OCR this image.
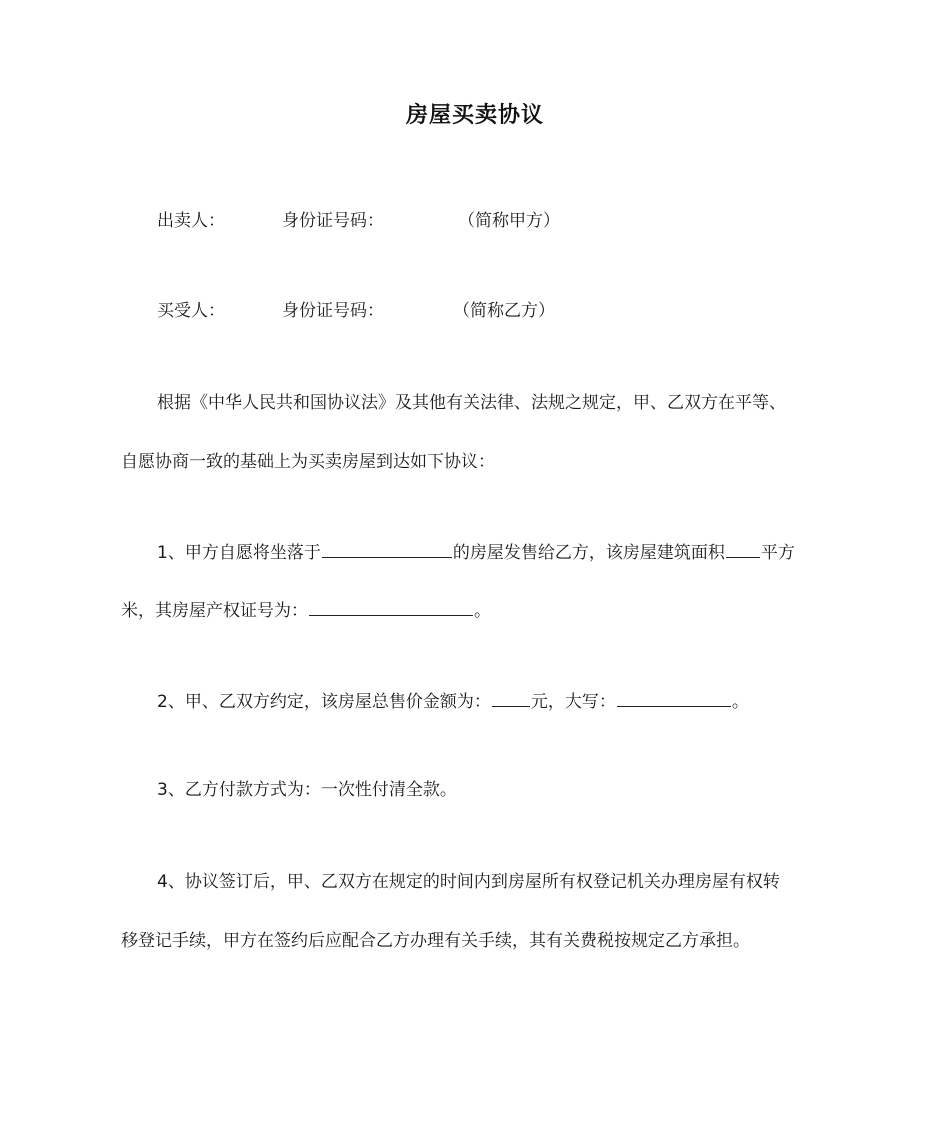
房屋买卖协议
出卖人：	身份证号码：	（简称甲方）
买受人：	身份证号码：	（简称乙方）
根据《中华人民共和国协议法》及其他有关法律、法规之规定，甲、乙双方在平等、
自愿协商一致的基础上为买卖房屋到达如下协议：
1、甲方自愿将坐落于	的房屋发售给乙方，该房屋建筑面积 平方
米，其房屋产权证号为：	。
2、甲、乙双方约定，该房屋总售价金额为： 元，大写：	。
3、乙方付款方式为：一次性付清全款。
4、协议签订后，甲、乙双方在规定的时间内到房屋所有权登记机关办理房屋有权转
移登记手续，甲方在签约后应配合乙方办理有关手续，其有关费税按规定乙方承担。
